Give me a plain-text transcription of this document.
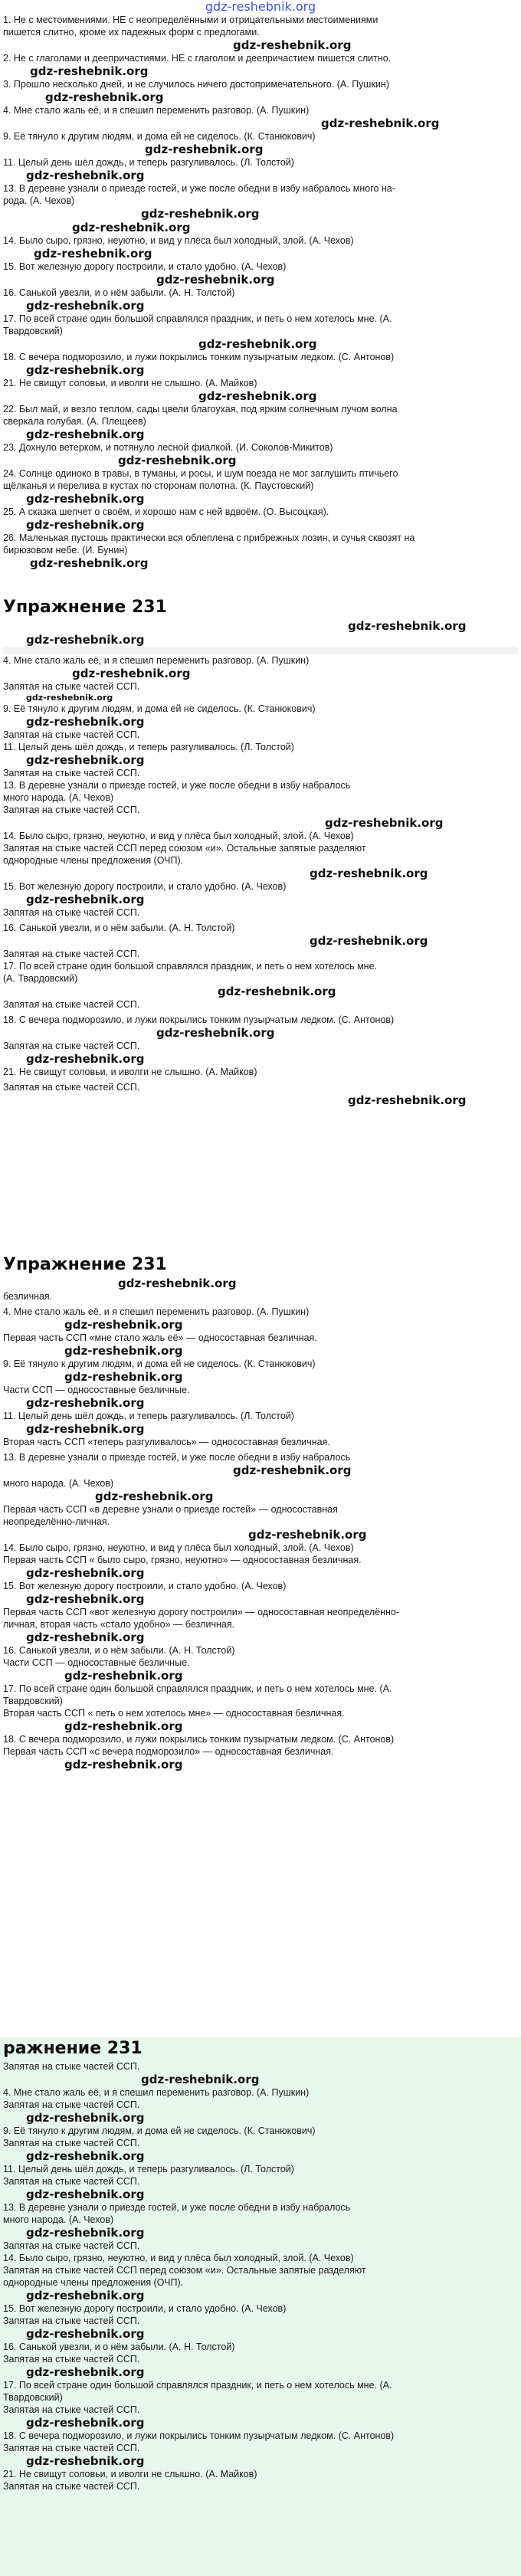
gdz-reshebnik.org
1. Не с местоимениями. НЕ с неопределёнными и отрицательными местоимениями
пишется слитно, кроме их падежных форм с предлогами.
gdz-reshebnik.org
2. Не с глаголами и деепричастиями. НЕ с глаголом и деепричастием пишется слитно.
gdz-reshebnik.org
3. Прошло несколько дней, и не случилось ничего достопримечательного. (А. Пушкин)
gdz-reshebnik.org
4. Мне стало жаль её, и я спешил переменить разговор. (А. Пушкин)
gdz-reshebnik.org
9. Её тянуло к другим людям, и дома ей не сиделось. (К. Станюкович)
gdz-reshebnik.org
11. Целый день шёл дождь, и теперь разгуливалось. (Л. Толстой)
gdz-reshebnik.org
13. В деревне узнали о приезде гостей, и уже после обедни в избу набралось много на-
рода. (А. Чехов)
gdz-reshebnik.org
gdz-reshebnik.org
14. Было сыро, грязно, неуютно, и вид у плёса был холодный, злой. (А. Чехов)
gdz-reshebnik.org
15. Вот железную дорогу построили, и стало удобно. (А. Чехов)
gdz-reshebnik.org
16. Санькой увезли, и о нём забыли. (А. Н. Толстой)
gdz-reshebnik.org
17. По всей стране один большой справлялся праздник, и петь о нем хотелось мне. (А.
Твардовский)
gdz-reshebnik.org
18. С вечера подморозило, и лужи покрылись тонким пузырчатым ледком. (С. Антонов)
gdz-reshebnik.org
21. Не свищут соловьи, и иволги не слышно. (А. Майков)
gdz-reshebnik.org
22. Был май, и везло теплом, сады цвели благоухая, под ярким солнечным лучом волна
сверкала голубая. (А. Плещеев)
gdz-reshebnik.org
23. Дохнуло ветерком, и потянуло лесной фиалкой. (И. Соколов-Микитов)
gdz-reshebnik.org
24. Солнце одиноко в травы, в туманы, и росы, и шум поезда не мог заглушить птичьего
щёлканья и перелива в кустах по сторонам полотна. (К. Паустовский)
gdz-reshebnik.org
25. А сказка шепчет о своём, и хорошо нам с ней вдвоём. (О. Высоцкая).
gdz-reshebnik.org
26. Маленькая пустошь практически вся облеплена с прибрежных лозин, и сучья сквозят на
бирюзовом небе. (И. Бунин)
gdz-reshebnik.org
Упражнение 231
gdz-reshebnik.org
gdz-reshebnik.org
4. Мне стало жаль её, и я спешил переменить разговор. (А. Пушкин)
gdz-reshebnik.org
Запятая на стыке частей ССП.
gdz-reshebnik.org
9. Её тянуло к другим людям, и дома ей не сиделось. (К. Станюкович)
gdz-reshebnik.org
Запятая на стыке частей ССП.
11. Целый день шёл дождь, и теперь разгуливалось. (Л. Толстой)
gdz-reshebnik.org
Запятая на стыке частей ССП.
13. В деревне узнали о приезде гостей, и уже после обедни в избу набралось
много народа. (А. Чехов)
Запятая на стыке частей ССП.
gdz-reshebnik.org
14. Было сыро, грязно, неуютно, и вид у плёса был холодный, злой. (А. Чехов)
Запятая на стыке частей ССП перед союзом «и». Остальные запятые разделяют
однородные члены предложения (ОЧП).
gdz-reshebnik.org
15. Вот железную дорогу построили, и стало удобно. (А. Чехов)
gdz-reshebnik.org
Запятая на стыке частей ССП.
16. Санькой увезли, и о нём забыли. (А. Н. Толстой)
gdz-reshebnik.org
Запятая на стыке частей ССП.
17. По всей стране один большой справлялся праздник, и петь о нем хотелось мне.
(А. Твардовский)
gdz-reshebnik.org
Запятая на стыке частей ССП.
18. С вечера подморозило, и лужи покрылись тонким пузырчатым ледком. (С. Антонов)
gdz-reshebnik.org
Запятая на стыке частей ССП.
gdz-reshebnik.org
21. Не свищут соловьи, и иволги не слышно. (А. Майков)
Запятая на стыке частей ССП.
gdz-reshebnik.org
Упражнение 231
gdz-reshebnik.org
безличная.
4. Мне стало жаль её, и я спешил переменить разговор. (А. Пушкин)
gdz-reshebnik.org
Первая часть ССП «мне стало жаль её» — односоставная безличная.
gdz-reshebnik.org
9. Её тянуло к другим людям, и дома ей не сиделось. (К. Станюкович)
gdz-reshebnik.org
Части ССП — односоставные безличные.
gdz-reshebnik.org
11. Целый день шёл дождь, и теперь разгуливалось. (Л. Толстой)
gdz-reshebnik.org
Вторая часть ССП «теперь разгуливалось» — односоставная безличная.
13. В деревне узнали о приезде гостей, и уже после обедни в избу набралось
gdz-reshebnik.org
много народа. (А. Чехов)
gdz-reshebnik.org
Первая часть ССП «в деревне узнали о приезде гостей» — односоставная
неопределённо-личная.
gdz-reshebnik.org
14. Было сыро, грязно, неуютно, и вид у плёса был холодный, злой. (А. Чехов)
Первая часть ССП « было сыро, грязно, неуютно» — односоставная безличная.
gdz-reshebnik.org
15. Вот железную дорогу построили, и стало удобно. (А. Чехов)
gdz-reshebnik.org
Первая часть ССП «вот железную дорогу построили» — односоставная неопределённо-
личная, вторая часть «стало удобно» — безличная.
gdz-reshebnik.org
16. Санькой увезли, и о нём забыли. (А. Н. Толстой)
Части ССП — односоставные безличные.
gdz-reshebnik.org
17. По всей стране один большой справлялся праздник, и петь о нем хотелось мне. (А.
Твардовский)
Вторая часть ССП « петь о нем хотелось мне» — односоставная безличная.
gdz-reshebnik.org
18. С вечера подморозило, и лужи покрылись тонким пузырчатым ледком. (С. Антонов)
Первая часть ССП «с вечера подморозило» — односоставная безличная.
gdz-reshebnik.org
ражнение 231
Запятая на стыке частей ССП.
gdz-reshebnik.org
4. Мне стало жаль её, и я спешил переменить разговор. (А. Пушкин)
Запятая на стыке частей ССП.
gdz-reshebnik.org
9. Её тянуло к другим людям, и дома ей не сиделось. (К. Станюкович)
Запятая на стыке частей ССП.
gdz-reshebnik.org
11. Целый день шёл дождь, и теперь разгуливалось. (Л. Толстой)
Запятая на стыке частей ССП.
gdz-reshebnik.org
13. В деревне узнали о приезде гостей, и уже после обедни в избу набралось
много народа. (А. Чехов)
gdz-reshebnik.org
Запятая на стыке частей ССП.
14. Было сыро, грязно, неуютно, и вид у плёса был холодный, злой. (А. Чехов)
Запятая на стыке частей ССП перед союзом «и». Остальные запятые разделяют
однородные члены предложения (ОЧП).
gdz-reshebnik.org
15. Вот железную дорогу построили, и стало удобно. (А. Чехов)
Запятая на стыке частей ССП.
gdz-reshebnik.org
16. Санькой увезли, и о нём забыли. (А. Н. Толстой)
Запятая на стыке частей ССП.
gdz-reshebnik.org
17. По всей стране один большой справлялся праздник, и петь о нем хотелось мне. (А.
Твардовский)
Запятая на стыке частей ССП.
gdz-reshebnik.org
18. С вечера подморозило, и лужи покрылись тонким пузырчатым ледком. (С. Антонов)
Запятая на стыке частей ССП.
gdz-reshebnik.org
21. Не свищут соловьи, и иволги не слышно. (А. Майков)
Запятая на стыке частей ССП.
